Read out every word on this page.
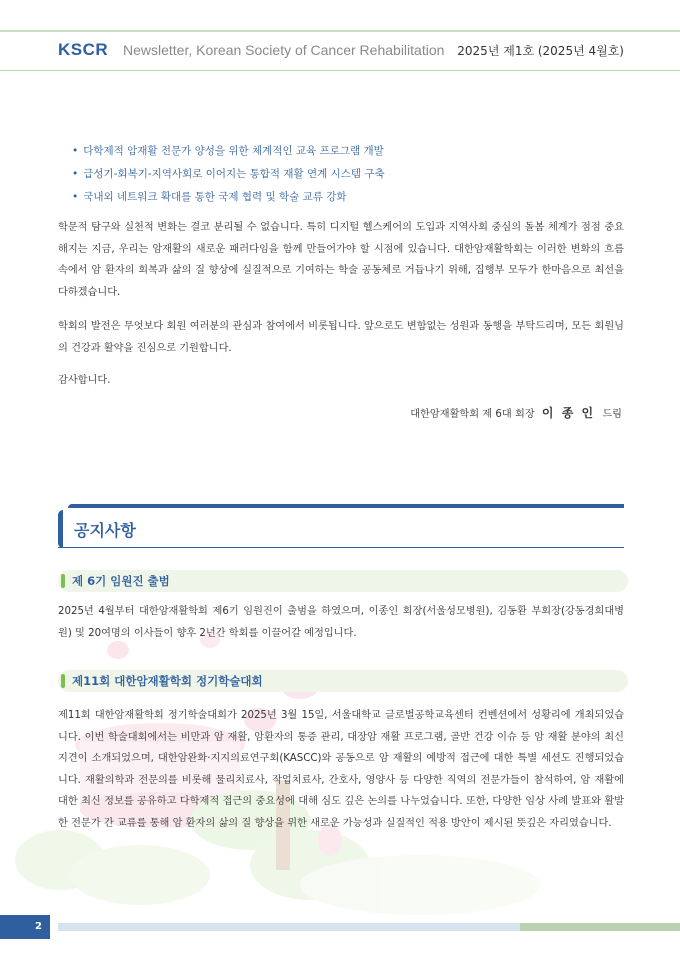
KSCR Newsletter, Korean Society of Cancer Rehabilitation 2025년 제1호 (2025년 4월호)
• 다학제적 암재활 전문가 양성을 위한 체계적인 교육 프로그램 개발
• 급성기-회복기-지역사회로 이어지는 통합적 재활 연계 시스템 구축
• 국내외 네트워크 확대를 통한 국제 협력 및 학술 교류 강화

학문적 탐구와 실천적 변화는 결코 분리될 수 없습니다. 특히 디지털 헬스케어의 도입과 지역사회 중심의 돌봄 체계가 점점 중요해지는 지금, 우리는 암재활의 새로운 패러다임을 함께 만들어가야 할 시점에 있습니다. 대한암재활학회는 이러한 변화의 흐름 속에서 암 환자의 회복과 삶의 질 향상에 실질적으로 기여하는 학술 공동체로 거듭나기 위해, 집행부 모두가 한마음으로 최선을 다하겠습니다.

학회의 발전은 무엇보다 회원 여러분의 관심과 참여에서 비롯됩니다. 앞으로도 변함없는 성원과 동행을 부탁드리며, 모든 회원님의 건강과 활약을 진심으로 기원합니다.

감사합니다.

대한암재활학회 제 6대 회장 이 종 인 드림
공지사항
제 6기 임원진 출범

2025년 4월부터 대한암재활학회 제6기 임원진이 출범을 하였으며, 이종인 회장(서울성모병원), 김동환 부회장(강동경희대병원) 및 20여명의 이사들이 향후 2년간 학회를 이끌어갈 예정입니다.

제11회 대한암재활학회 정기학술대회

제11회 대한암재활학회 정기학술대회가 2025년 3월 15일, 서울대학교 글로벌공학교육센터 컨벤션에서 성황리에 개최되었습니다. 이번 학술대회에서는 비만과 암 재활, 암환자의 통증 관리, 대장암 재활 프로그램, 골반 건강 이슈 등 암 재활 분야의 최신 지견이 소개되었으며, 대한암완화·지지의료연구회(KASCC)와 공동으로 암 재활의 예방적 접근에 대한 특별 세션도 진행되었습니다. 재활의학과 전문의를 비롯해 물리치료사, 작업치료사, 간호사, 영양사 등 다양한 직역의 전문가들이 참석하여, 암 재활에 대한 최신 정보를 공유하고 다학제적 접근의 중요성에 대해 심도 깊은 논의를 나누었습니다. 또한, 다양한 임상 사례 발표와 활발한 전문가 간 교류를 통해 암 환자의 삶의 질 향상을 위한 새로운 가능성과 실질적인 적용 방안이 제시된 뜻깊은 자리였습니다.

2
